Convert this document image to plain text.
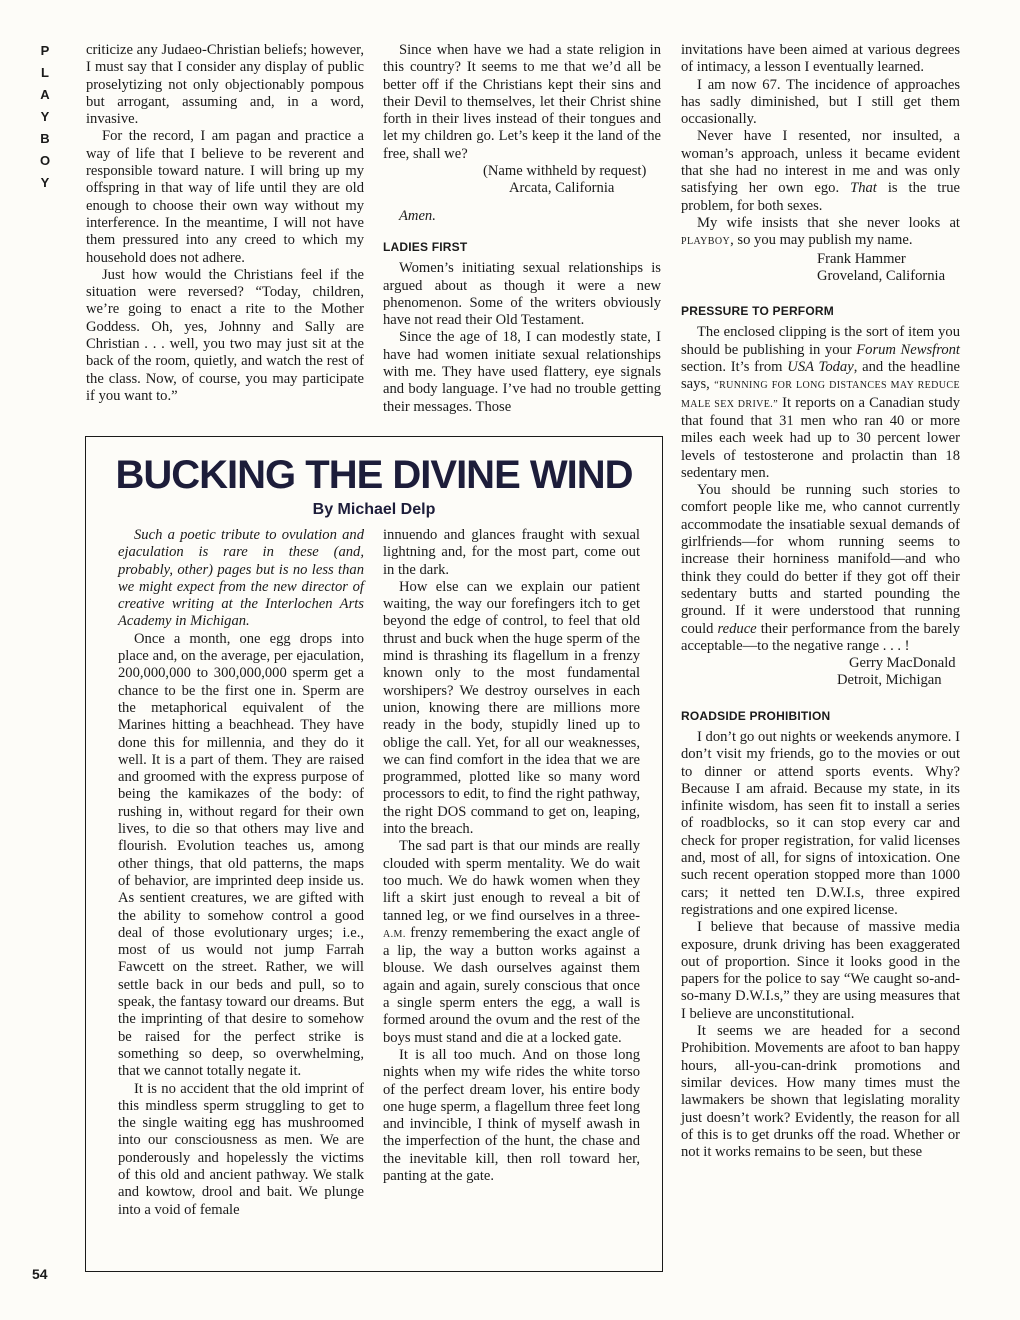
P
L
A
Y
B
O
Y
54

criticize any Judaeo-Christian beliefs; however, I must say that I consider any display of public proselytizing not only objectionably pompous but arrogant, assuming and, in a word, invasive.

For the record, I am pagan and practice a way of life that I believe to be reverent and responsible toward nature. I will bring up my offspring in that way of life until they are old enough to choose their own way without my interference. In the meantime, I will not have them pressured into any creed to which my household does not adhere.

Just how would the Christians feel if the situation were reversed? “Today, children, we’re going to enact a rite to the Mother Goddess. Oh, yes, Johnny and Sally are Christian . . . well, you two may just sit at the back of the room, quietly, and watch the rest of the class. Now, of course, you may participate if you want to.”

Since when have we had a state religion in this country? It seems to me that we’d all be better off if the Christians kept their sins and their Devil to themselves, let their Christ shine forth in their lives instead of their tongues and let my children go. Let’s keep it the land of the free, shall we?

(Name withheld by request)

Arcata, California

Amen.

LADIES FIRST

Women’s initiating sexual relationships is argued about as though it were a new phenomenon. Some of the writers obviously have not read their Old Testament.

Since the age of 18, I can modestly state, I have had women initiate sexual relationships with me. They have used flattery, eye signals and body language. I’ve had no trouble getting their messages. Those

invitations have been aimed at various degrees of intimacy, a lesson I eventually learned.

I am now 67. The incidence of approaches has sadly diminished, but I still get them occasionally.

Never have I resented, nor insulted, a woman’s approach, unless it became evident that she had no interest in me and was only satisfying her own ego. That is the true problem, for both sexes.

My wife insists that she never looks at PLAYBOY, so you may publish my name.

Frank Hammer

Groveland, California

PRESSURE TO PERFORM

The enclosed clipping is the sort of item you should be publishing in your Forum Newsfront section. It’s from USA Today, and the headline says, “RUNNING FOR LONG DISTANCES MAY REDUCE MALE SEX DRIVE.” It reports on a Canadian study that found that 31 men who ran 40 or more miles each week had up to 30 percent lower levels of testosterone and prolactin than 18 sedentary men.

You should be running such stories to comfort people like me, who cannot currently accommodate the insatiable sexual demands of girlfriends—for whom running seems to increase their horniness manifold—and who think they could do better if they got off their sedentary butts and started pounding the ground. If it were understood that running could reduce their performance from the barely acceptable—to the negative range . . . !

Gerry MacDonald

Detroit, Michigan

ROADSIDE PROHIBITION

I don’t go out nights or weekends anymore. I don’t visit my friends, go to the movies or out to dinner or attend sports events. Why? Because I am afraid. Because my state, in its infinite wisdom, has seen fit to install a series of roadblocks, so it can stop every car and check for proper registration, for valid licenses and, most of all, for signs of intoxication. One such recent operation stopped more than 1000 cars; it netted ten D.W.I.s, three expired registrations and one expired license.

I believe that because of massive media exposure, drunk driving has been exaggerated out of proportion. Since it looks good in the papers for the police to say “We caught so-and-so-many D.W.I.s,” they are using measures that I believe are unconstitutional.

It seems we are headed for a second Prohibition. Movements are afoot to ban happy hours, all-you-can-drink promotions and similar devices. How many times must the lawmakers be shown that legislating morality just doesn’t work? Evidently, the reason for all of this is to get drunks off the road. Whether or not it works remains to be seen, but these

BUCKING THE DIVINE WIND
By Michael Delp

Such a poetic tribute to ovulation and ejaculation is rare in these (and, probably, other) pages but is no less than we might expect from the new director of creative writing at the Interlochen Arts Academy in Michigan.

Once a month, one egg drops into place and, on the average, per ejaculation, 200,000,000 to 300,000,000 sperm get a chance to be the first one in. Sperm are the metaphorical equivalent of the Marines hitting a beachhead. They have done this for millennia, and they do it well. It is a part of them. They are raised and groomed with the express purpose of being the kamikazes of the body: of rushing in, without regard for their own lives, to die so that others may live and flourish. Evolution teaches us, among other things, that old patterns, the maps of behavior, are imprinted deep inside us. As sentient creatures, we are gifted with the ability to somehow control a good deal of those evolutionary urges; i.e., most of us would not jump Farrah Fawcett on the street. Rather, we will settle back in our beds and pull, so to speak, the fantasy toward our dreams. But the imprinting of that desire to somehow be raised for the perfect strike is something so deep, so overwhelming, that we cannot totally negate it.

It is no accident that the old imprint of this mindless sperm struggling to get to the single waiting egg has mushroomed into our consciousness as men. We are ponderously and hopelessly the victims of this old and ancient pathway. We stalk and kowtow, drool and bait. We plunge into a void of female

innuendo and glances fraught with sexual lightning and, for the most part, come out in the dark.

How else can we explain our patient waiting, the way our forefingers itch to get beyond the edge of control, to feel that old thrust and buck when the huge sperm of the mind is thrashing its flagellum in a frenzy known only to the most fundamental worshipers? We destroy ourselves in each union, knowing there are millions more ready in the body, stupidly lined up to oblige the call. Yet, for all our weaknesses, we can find comfort in the idea that we are programmed, plotted like so many word processors to edit, to find the right pathway, the right DOS command to get on, leaping, into the breach.

The sad part is that our minds are really clouded with sperm mentality. We do wait too much. We do hawk women when they lift a skirt just enough to reveal a bit of tanned leg, or we find ourselves in a three-A.M. frenzy remembering the exact angle of a lip, the way a button works against a blouse. We dash ourselves against them again and again, surely conscious that once a single sperm enters the egg, a wall is formed around the ovum and the rest of the boys must stand and die at a locked gate.

It is all too much. And on those long nights when my wife rides the white torso of the perfect dream lover, his entire body one huge sperm, a flagellum three feet long and invincible, I think of myself awash in the imperfection of the hunt, the chase and the inevitable kill, then roll toward her, panting at the gate.
